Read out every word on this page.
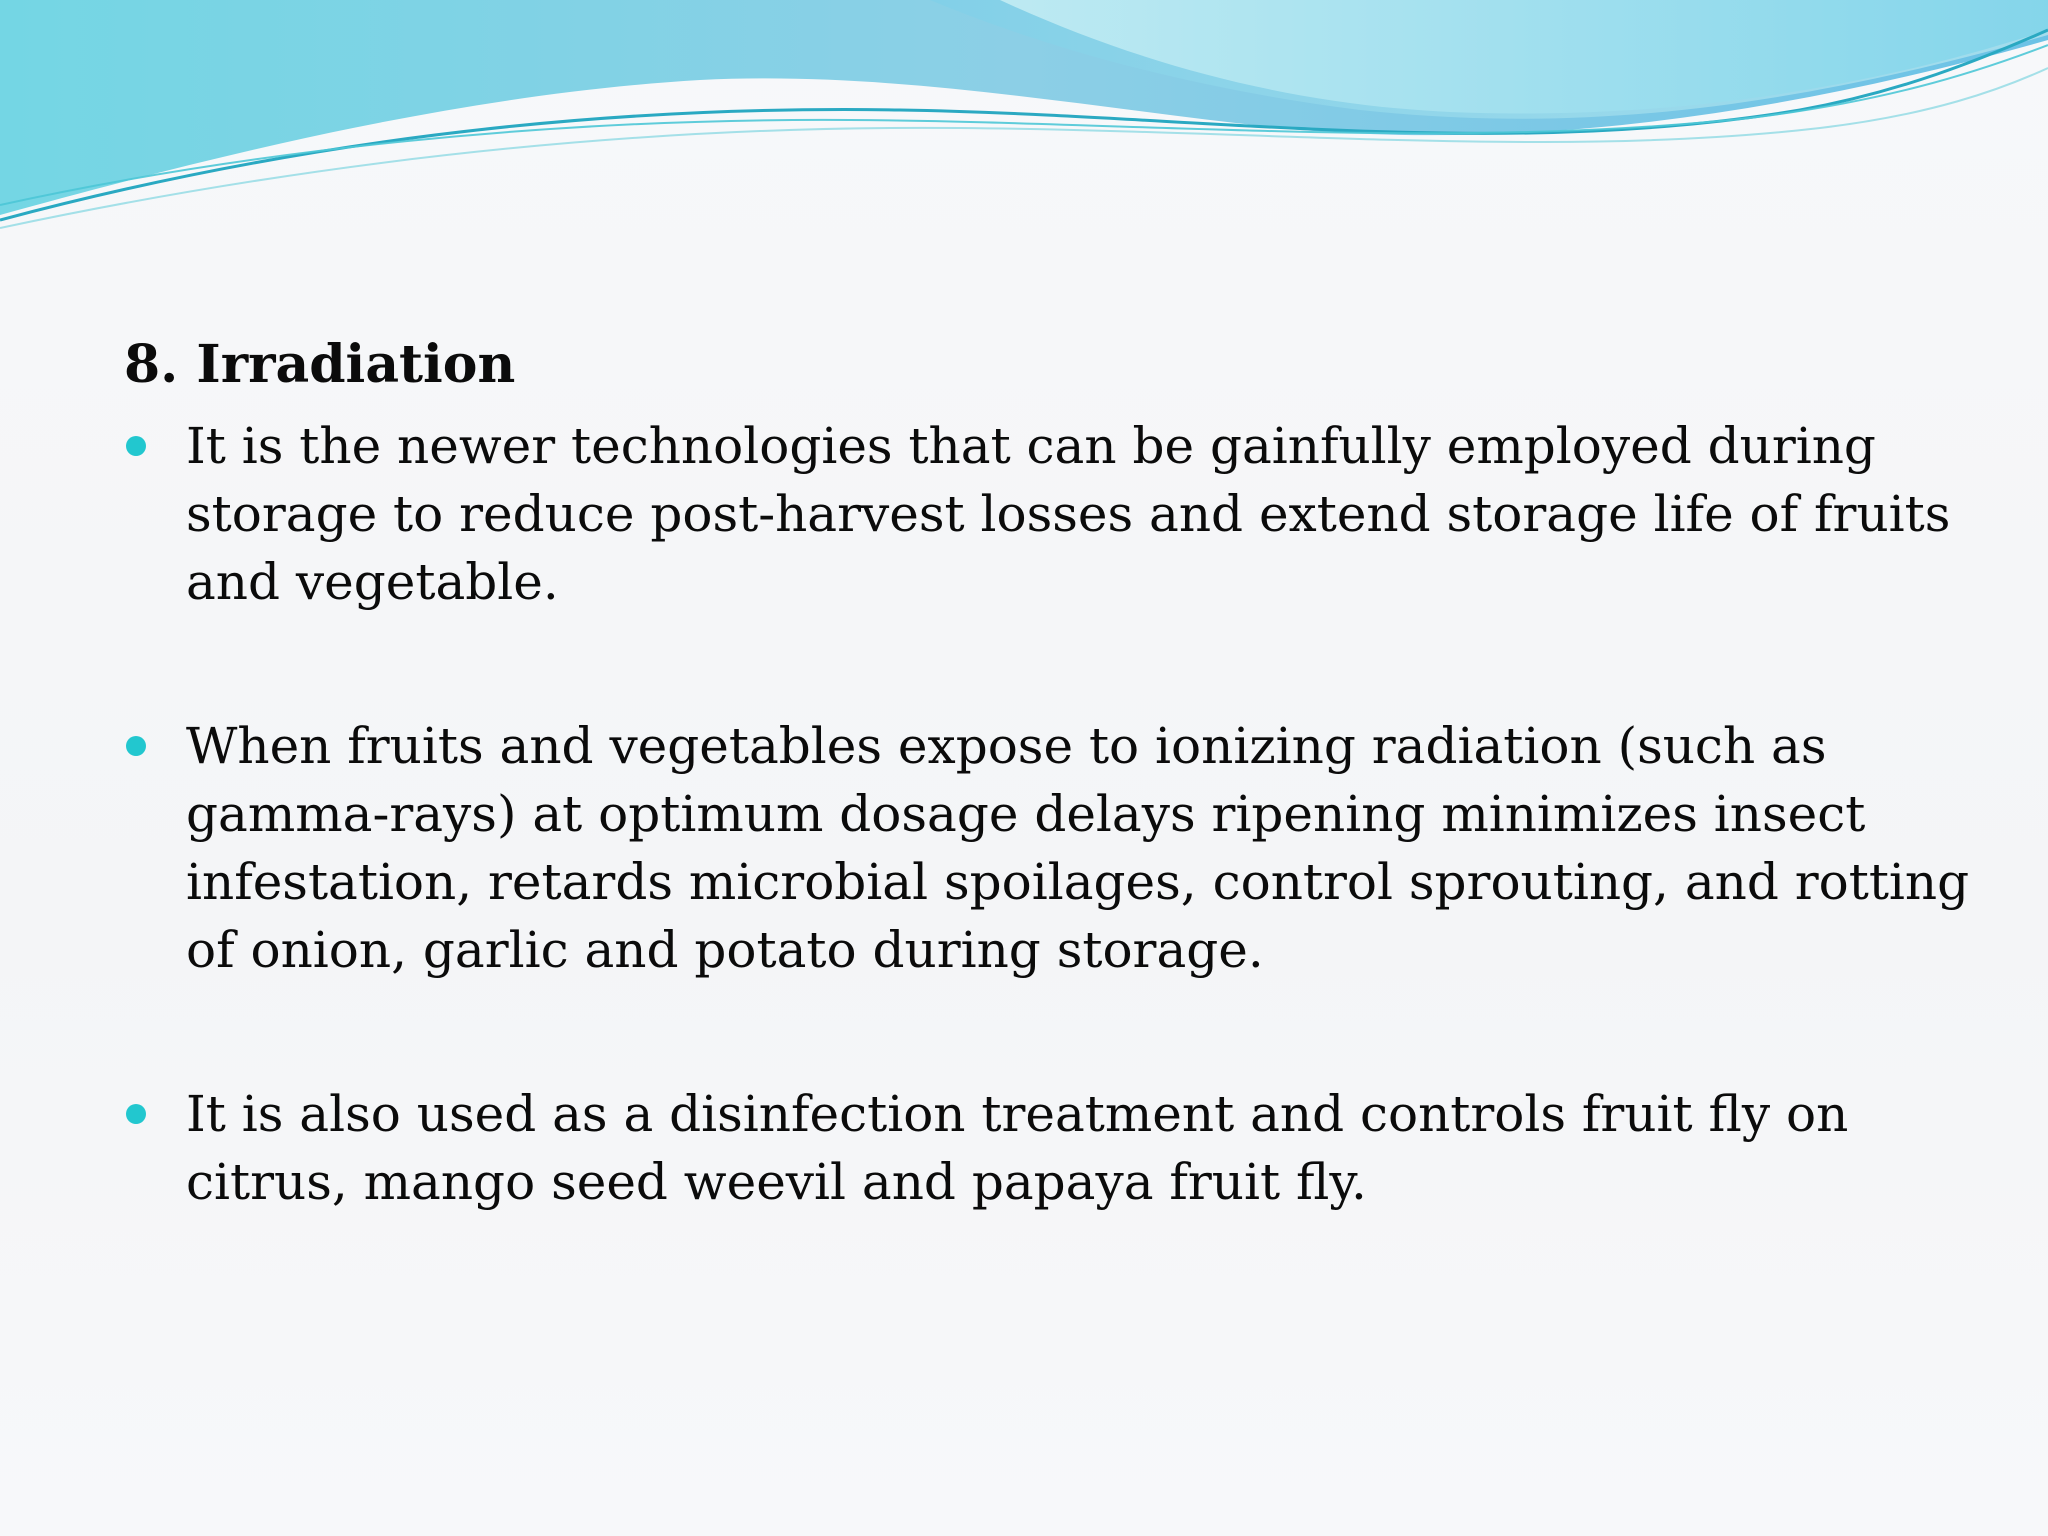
8. Irradiation
It is the newer technologies that can be gainfully employed during storage to reduce post-harvest losses and extend storage life of fruits and vegetable.
When fruits and vegetables expose to ionizing radiation (such as gamma-rays) at optimum dosage delays ripening minimizes insect infestation, retards microbial spoilages, control sprouting, and rotting of onion, garlic and potato during storage.
It is also used as a disinfection treatment and controls fruit fly on citrus, mango seed weevil and papaya fruit fly.
